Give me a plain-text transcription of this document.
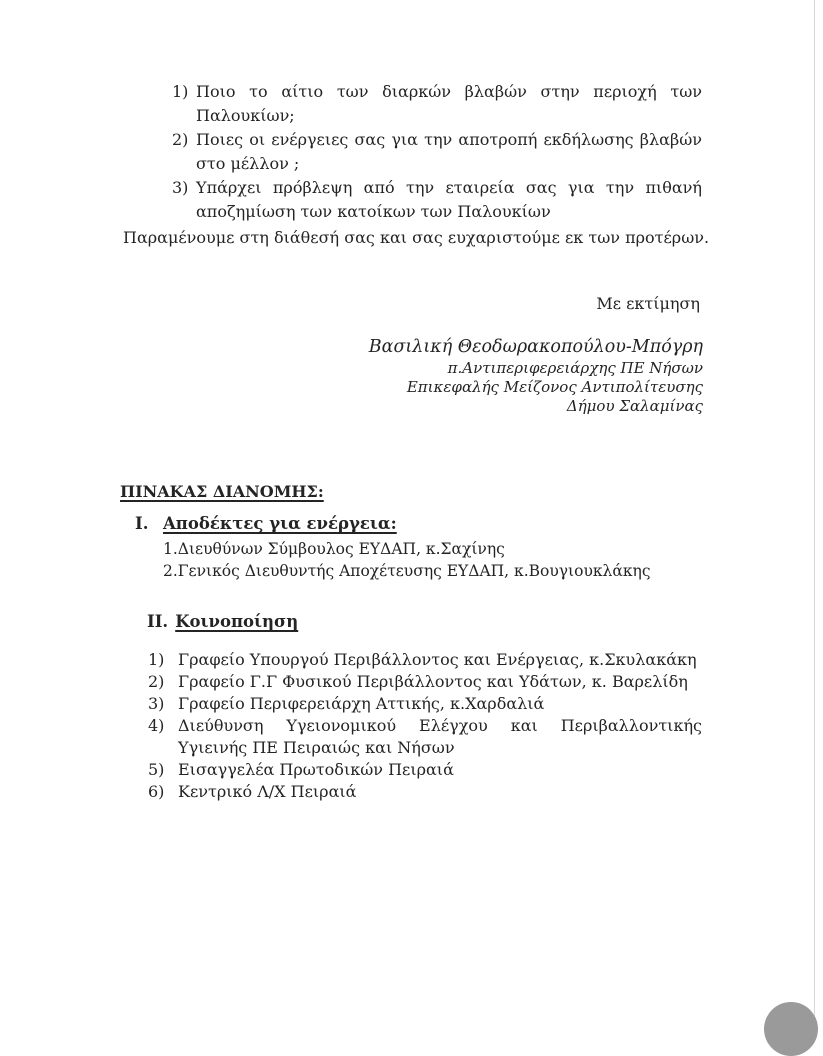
1) Ποιο το αίτιο των διαρκών βλαβών στην περιοχή των Παλουκίων;
2) Ποιες οι ενέργειες σας για την αποτροπή εκδήλωσης βλαβών στο μέλλον ;
3) Υπάρχει πρόβλεψη από την εταιρεία σας για την πιθανή αποζημίωση των κατοίκων των Παλουκίων

Παραμένουμε στη διάθεσή σας και σας ευχαριστούμε εκ των προτέρων.

Με εκτίμηση

Βασιλική Θεοδωρακοπούλου-Μπόγρη
π.Αντιπεριφερειάρχης ΠΕ Νήσων
Επικεφαλής Μείζονος Αντιπολίτευσης
Δήμου Σαλαμίνας
ΠΙΝΑΚΑΣ ΔΙΑΝΟΜΗΣ:
I. Αποδέκτες για ενέργεια:
1.Διευθύνων Σύμβουλος ΕΥΔΑΠ, κ.Σαχίνης
2.Γενικός Διευθυντής Αποχέτευσης ΕΥΔΑΠ, κ.Βουγιουκλάκης
II. Κοινοποίηση
1) Γραφείο Υπουργού Περιβάλλοντος και Ενέργειας, κ.Σκυλακάκη
2) Γραφείο Γ.Γ Φυσικού Περιβάλλοντος και Υδάτων, κ. Βαρελίδη
3) Γραφείο Περιφερειάρχη Αττικής, κ.Χαρδαλιά
4) Διεύθυνση Υγειονομικού Ελέγχου και Περιβαλλοντικής Υγιεινής ΠΕ Πειραιώς και Νήσων
5) Εισαγγελέα Πρωτοδικών Πειραιά
6) Κεντρικό Λ/Χ Πειραιά
